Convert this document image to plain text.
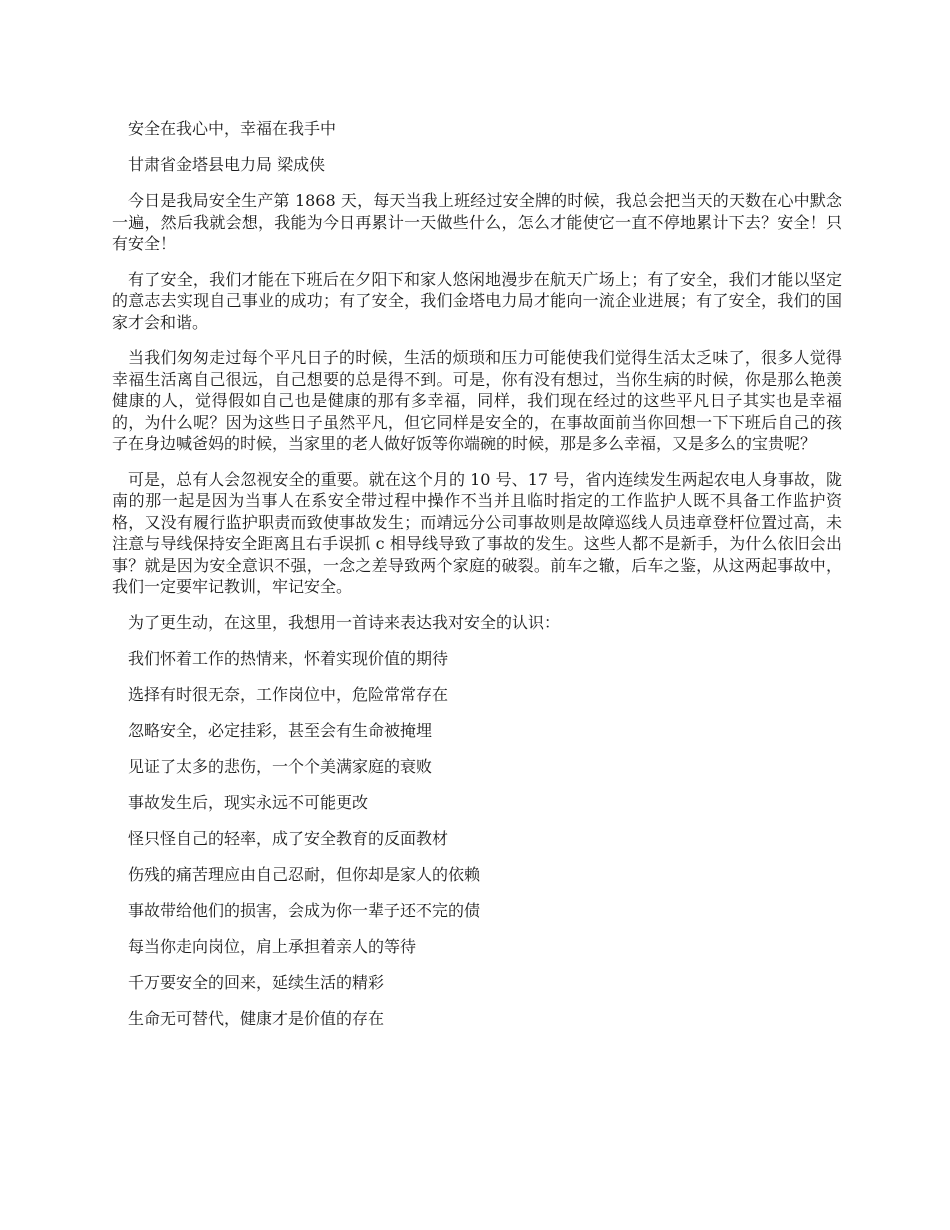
安全在我心中，幸福在我手中

甘肃省金塔县电力局 梁成侠

今日是我局安全生产第 1868 天，每天当我上班经过安全牌的时候，我总会把当天的天数在心中默念一遍，然后我就会想，我能为今日再累计一天做些什么，怎么才能使它一直不停地累计下去？安全！只有安全！

有了安全，我们才能在下班后在夕阳下和家人悠闲地漫步在航天广场上；有了安全，我们才能以坚定的意志去实现自己事业的成功；有了安全，我们金塔电力局才能向一流企业进展；有了安全，我们的国家才会和谐。

当我们匆匆走过每个平凡日子的时候，生活的烦琐和压力可能使我们觉得生活太乏味了，很多人觉得幸福生活离自己很远，自己想要的总是得不到。可是，你有没有想过，当你生病的时候，你是那么艳羡健康的人，觉得假如自己也是健康的那有多幸福，同样，我们现在经过的这些平凡日子其实也是幸福的，为什么呢？因为这些日子虽然平凡，但它同样是安全的，在事故面前当你回想一下下班后自己的孩子在身边喊爸妈的时候，当家里的老人做好饭等你端碗的时候，那是多么幸福，又是多么的宝贵呢？

可是，总有人会忽视安全的重要。就在这个月的 10 号、17 号，省内连续发生两起农电人身事故，陇南的那一起是因为当事人在系安全带过程中操作不当并且临时指定的工作监护人既不具备工作监护资格，又没有履行监护职责而致使事故发生；而靖远分公司事故则是故障巡线人员违章登杆位置过高，未注意与导线保持安全距离且右手误抓 c 相导线导致了事故的发生。这些人都不是新手，为什么依旧会出事？就是因为安全意识不强，一念之差导致两个家庭的破裂。前车之辙，后车之鉴，从这两起事故中，我们一定要牢记教训，牢记安全。

为了更生动，在这里，我想用一首诗来表达我对安全的认识：

我们怀着工作的热情来，怀着实现价值的期待

选择有时很无奈，工作岗位中，危险常常存在

忽略安全，必定挂彩，甚至会有生命被掩埋

见证了太多的悲伤，一个个美满家庭的衰败

事故发生后，现实永远不可能更改

怪只怪自己的轻率，成了安全教育的反面教材

伤残的痛苦理应由自己忍耐，但你却是家人的依赖

事故带给他们的损害，会成为你一辈子还不完的债

每当你走向岗位，肩上承担着亲人的等待

千万要安全的回来，延续生活的精彩

生命无可替代，健康才是价值的存在
